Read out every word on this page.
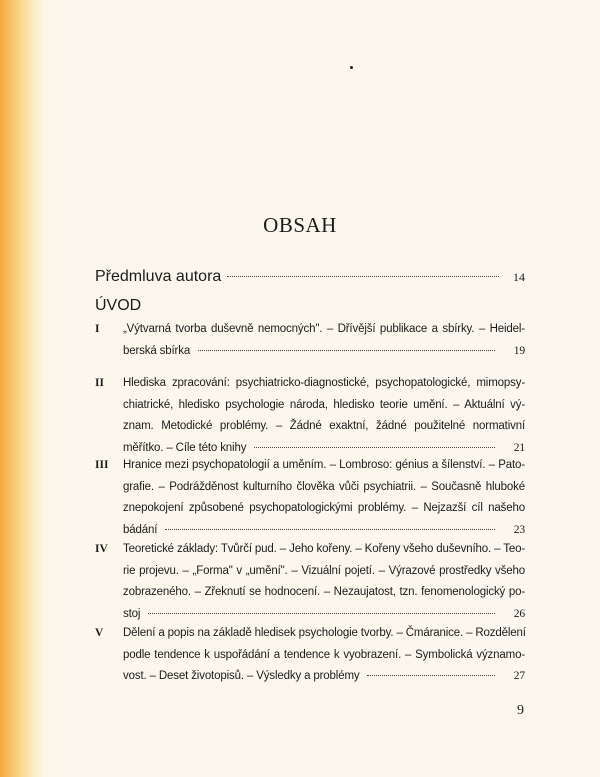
OBSAH
Předmluva autora	14
ÚVOD
I	„Výtvarná tvorba duševně nemocných". – Dřívější publikace a sbírky. – Heidel-
berská sbírka	19
II	Hlediska zpracování: psychiatricko-diagnostické, psychopatologické, mimopsy-
chiatrické, hledisko psychologie národa, hledisko teorie umění. – Aktuální vý-
znam. Metodické problémy. – Žádné exaktní, žádné použitelné normativní
měřítko. – Cíle této knihy	21
III	Hranice mezi psychopatologií a uměním. – Lombroso: génius a šílenství. – Pato-
grafie. – Podrážděnost kulturního člověka vůči psychiatrii. – Současně hluboké
znepokojení způsobené psychopatologickými problémy. – Nejzazší cíl našeho
bádání	23
IV	Teoretické základy: Tvůrčí pud. – Jeho kořeny. – Kořeny všeho duševního. – Teo-
rie projevu. – „Forma" v „umění". – Vizuální pojetí. – Výrazové prostředky všeho
zobrazeného. – Zřeknutí se hodnocení. – Nezaujatost, tzn. fenomenologický po-
stoj	26
V	Dělení a popis na základě hledisek psychologie tvorby. – Čmáranice. – Rozdělení
podle tendence k uspořádání a tendence k vyobrazení. – Symbolická významo-
vost. – Deset životopisů. – Výsledky a problémy	27
9
